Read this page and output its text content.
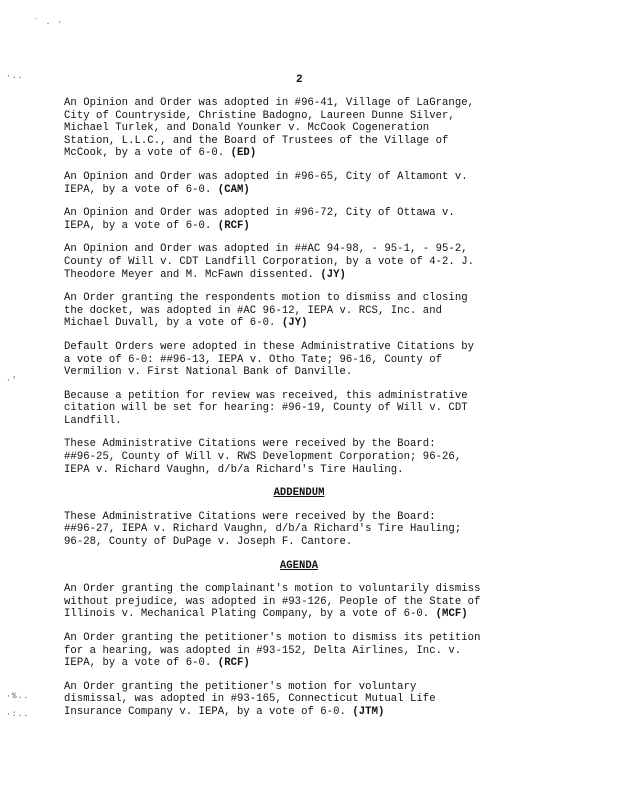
` . ·
·..
·'
·%..
·:..
2

An Opinion and Order was adopted in #96-41, Village of LaGrange,
City of Countryside, Christine Badogno, Laureen Dunne Silver,
Michael Turlek, and Donald Younker v. McCook Cogeneration
Station, L.L.C., and the Board of Trustees of the Village of
McCook, by a vote of 6-0. (ED)

An Opinion and Order was adopted in #96-65, City of Altamont v.
IEPA, by a vote of 6-0. (CAM)

An Opinion and Order was adopted in #96-72, City of Ottawa v.
IEPA, by a vote of 6-0. (RCF)

An Opinion and Order was adopted in ##AC 94-98, - 95-1, - 95-2,
County of Will v. CDT Landfill Corporation, by a vote of 4-2. J.
Theodore Meyer and M. McFawn dissented. (JY)

An Order granting the respondents motion to dismiss and closing
the docket, was adopted in #AC 96-12, IEPA v. RCS, Inc. and
Michael Duvall, by a vote of 6-0. (JY)

Default Orders were adopted in these Administrative Citations by
a vote of 6-0: ##96-13, IEPA v. Otho Tate; 96-16, County of
Vermilion v. First National Bank of Danville.

Because a petition for review was received, this administrative
citation will be set for hearing: #96-19, County of Will v. CDT
Landfill.

These Administrative Citations were received by the Board:
##96-25, County of Will v. RWS Development Corporation; 96-26,
IEPA v. Richard Vaughn, d/b/a Richard's Tire Hauling.

ADDENDUM

These Administrative Citations were received by the Board:
##96-27, IEPA v. Richard Vaughn, d/b/a Richard's Tire Hauling;
96-28, County of DuPage v. Joseph F. Cantore.

AGENDA

An Order granting the complainant's motion to voluntarily dismiss
without prejudice, was adopted in #93-126, People of the State of
Illinois v. Mechanical Plating Company, by a vote of 6-0. (MCF)

An Order granting the petitioner's motion to dismiss its petition
for a hearing, was adopted in #93-152, Delta Airlines, Inc. v.
IEPA, by a vote of 6-0. (RCF)

An Order granting the petitioner's motion for voluntary
dismissal, was adopted in #93-165, Connecticut Mutual Life
Insurance Company v. IEPA, by a vote of 6-0. (JTM)
